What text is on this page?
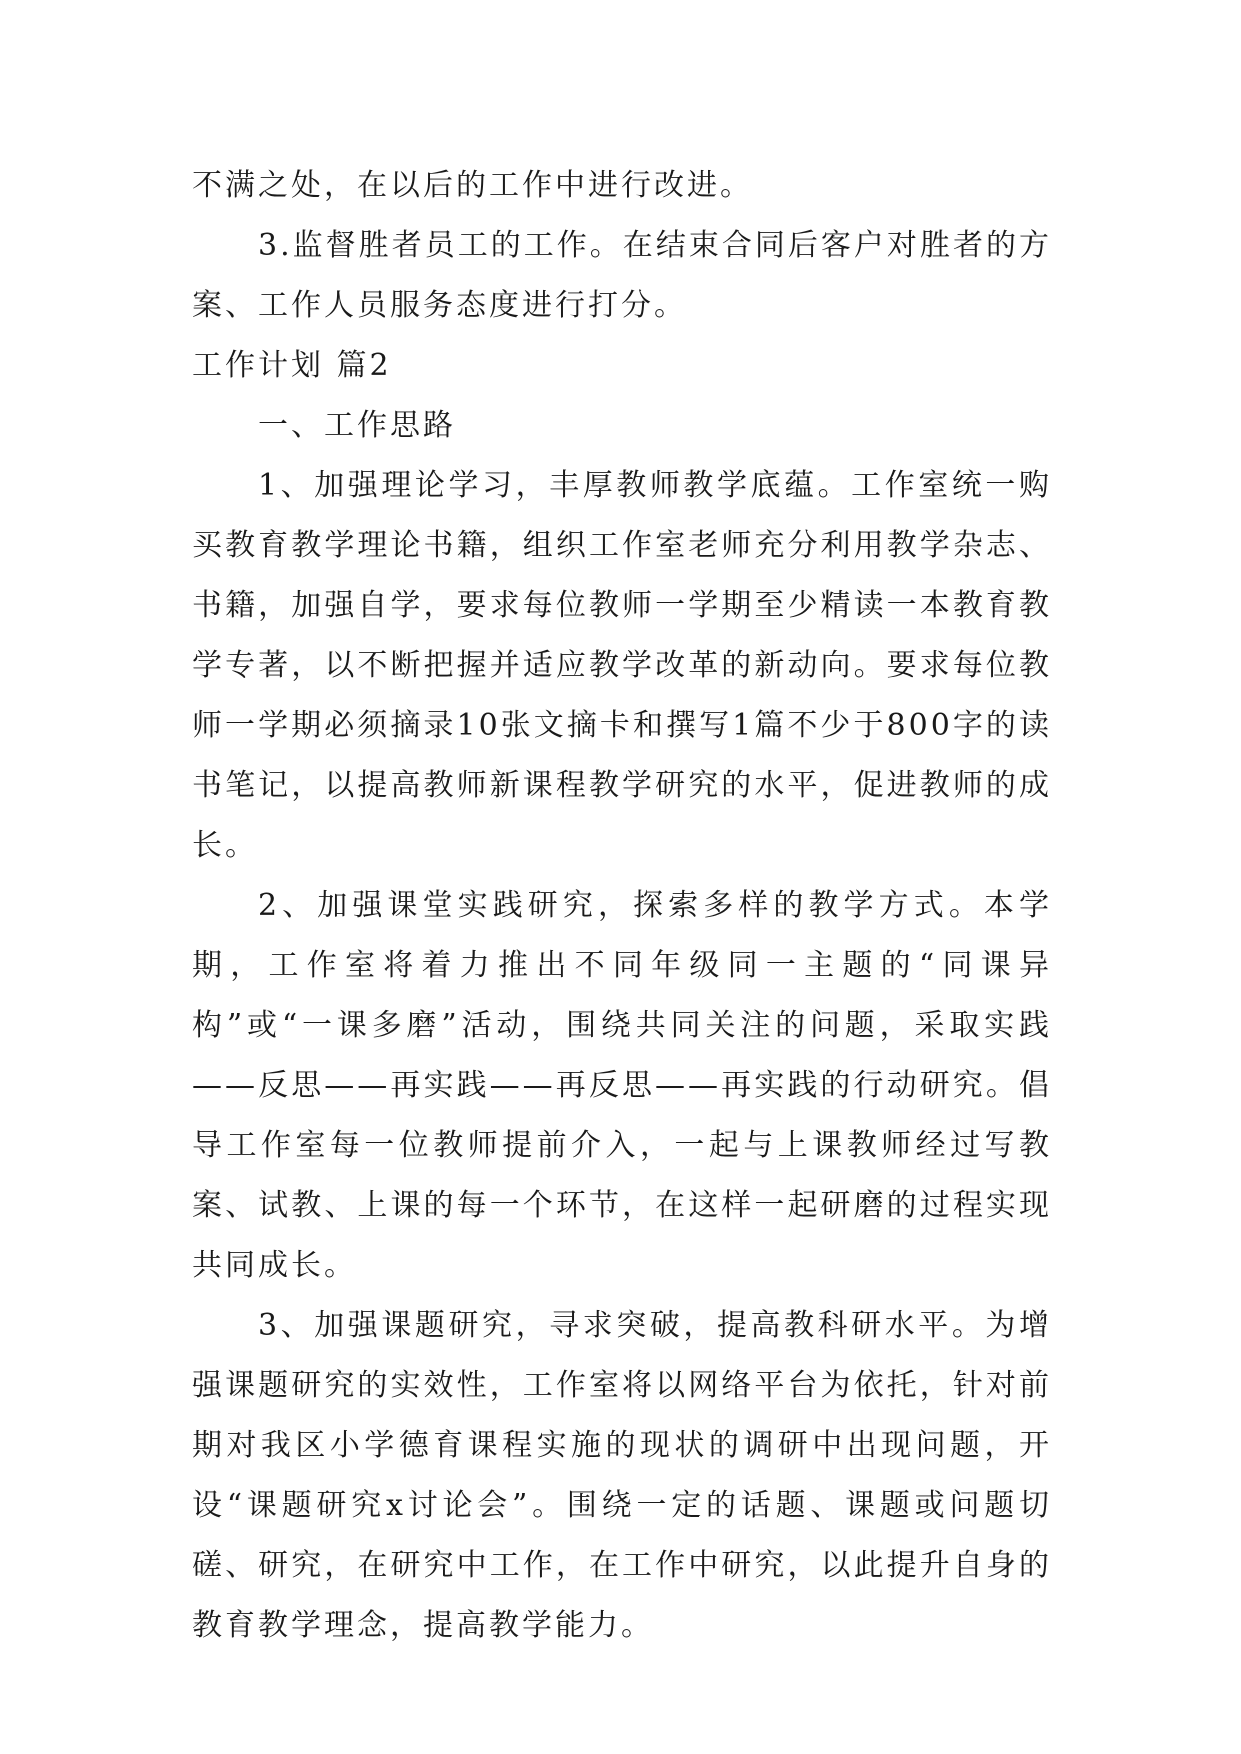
不满之处，在以后的工作中进行改进。

3.监督胜者员工的工作。在结束合同后客户对胜者的方案、工作人员服务态度进行打分。

工作计划 篇2

一、工作思路

1、加强理论学习，丰厚教师教学底蕴。工作室统一购买教育教学理论书籍，组织工作室老师充分利用教学杂志、书籍，加强自学，要求每位教师一学期至少精读一本教育教学专著，以不断把握并适应教学改革的新动向。要求每位教师一学期必须摘录10张文摘卡和撰写1篇不少于800字的读书笔记，以提高教师新课程教学研究的水平，促进教师的成长。

2、加强课堂实践研究，探索多样的教学方式。本学期，工作室将着力推出不同年级同一主题的“同课异构”或“一课多磨”活动，围绕共同关注的问题，采取实践——反思——再实践——再反思——再实践的行动研究。倡导工作室每一位教师提前介入，一起与上课教师经过写教案、试教、上课的每一个环节，在这样一起研磨的过程实现共同成长。

3、加强课题研究，寻求突破，提高教科研水平。为增强课题研究的实效性，工作室将以网络平台为依托，针对前期对我区小学德育课程实施的现状的调研中出现问题，开设“课题研究x讨论会”。围绕一定的话题、课题或问题切磋、研究，在研究中工作，在工作中研究，以此提升自身的教育教学理念，提高教学能力。
